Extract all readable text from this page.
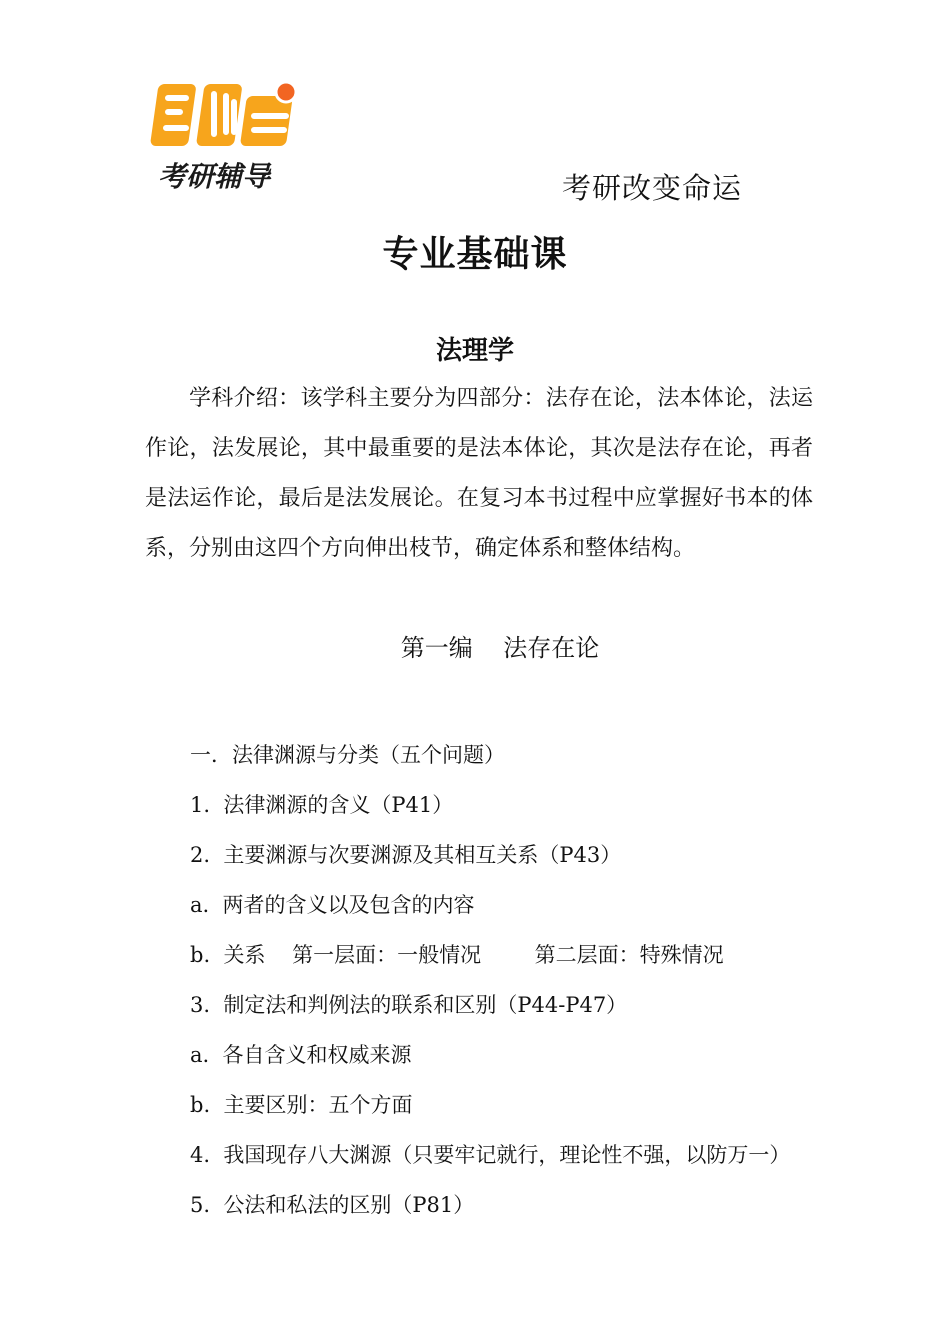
考研辅导	考研改变命运
专业基础课
法理学

学科介绍：该学科主要分为四部分：法存在论，法本体论，法运作论，法发展论，其中最重要的是法本体论，其次是法存在论，再者是法运作论，最后是法发展论。在复习本书过程中应掌握好书本的体系，分别由这四个方向伸出枝节，确定体系和整体结构。

第一编    法存在论
一．法律渊源与分类（五个问题）
1.  法律渊源的含义（P41）
2.  主要渊源与次要渊源及其相互关系（P43）
a.  两者的含义以及包含的内容
b.  关系    第一层面：一般情况        第二层面：特殊情况
3.  制定法和判例法的联系和区别（P44-P47）
a.  各自含义和权威来源
b.  主要区别：五个方面
4.  我国现存八大渊源（只要牢记就行，理论性不强，以防万一）
5.  公法和私法的区别（P81）
